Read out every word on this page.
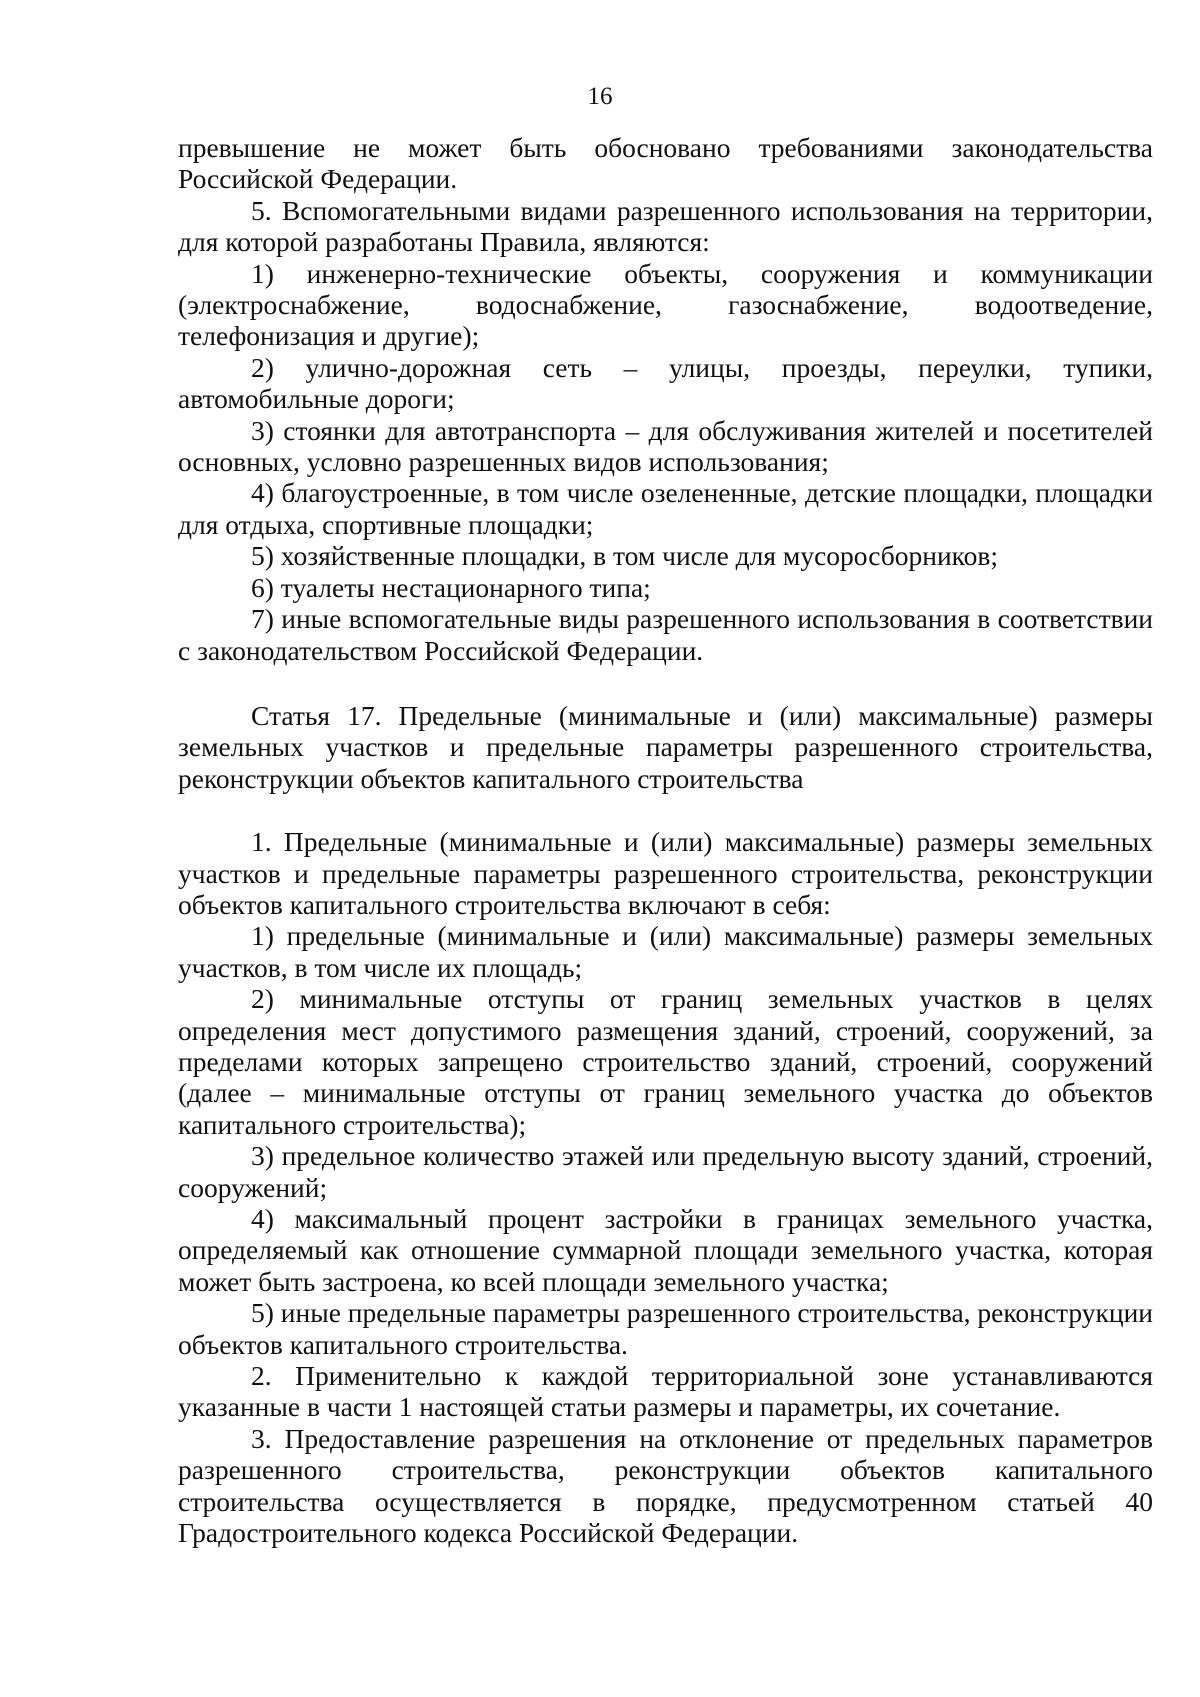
16

превышение не может быть обосновано требованиями законодательства Российской Федерации.

5. Вспомогательными видами разрешенного использования на территории, для которой разработаны Правила, являются:

1) инженерно-технические объекты, сооружения и коммуникации (электроснабжение, водоснабжение, газоснабжение, водоотведение, телефонизация и другие);

2) улично-дорожная сеть – улицы, проезды, переулки, тупики, автомобильные дороги;

3) стоянки для автотранспорта – для обслуживания жителей и посетителей основных, условно разрешенных видов использования;

4) благоустроенные, в том числе озелененные, детские площадки, площадки для отдыха, спортивные площадки;

5) хозяйственные площадки, в том числе для мусоросборников;

6) туалеты нестационарного типа;

7) иные вспомогательные виды разрешенного использования в соответствии с законодательством Российской Федерации.

Статья 17. Предельные (минимальные и (или) максимальные) размеры земельных участков и предельные параметры разрешенного строительства, реконструкции объектов капитального строительства

1. Предельные (минимальные и (или) максимальные) размеры земельных участков и предельные параметры разрешенного строительства, реконструкции объектов капитального строительства включают в себя:

1) предельные (минимальные и (или) максимальные) размеры земельных участков, в том числе их площадь;

2) минимальные отступы от границ земельных участков в целях определения мест допустимого размещения зданий, строений, сооружений, за пределами которых запрещено строительство зданий, строений, сооружений (далее – минимальные отступы от границ земельного участка до объектов капитального строительства);

3) предельное количество этажей или предельную высоту зданий, строений, сооружений;

4) максимальный процент застройки в границах земельного участка, определяемый как отношение суммарной площади земельного участка, которая может быть застроена, ко всей площади земельного участка;

5) иные предельные параметры разрешенного строительства, реконструкции объектов капитального строительства.

2. Применительно к каждой территориальной зоне устанавливаются указанные в части 1 настоящей статьи размеры и параметры, их сочетание.

3. Предоставление разрешения на отклонение от предельных параметров разрешенного строительства, реконструкции объектов капитального строительства осуществляется в порядке, предусмотренном статьей 40 Градостроительного кодекса Российской Федерации.
